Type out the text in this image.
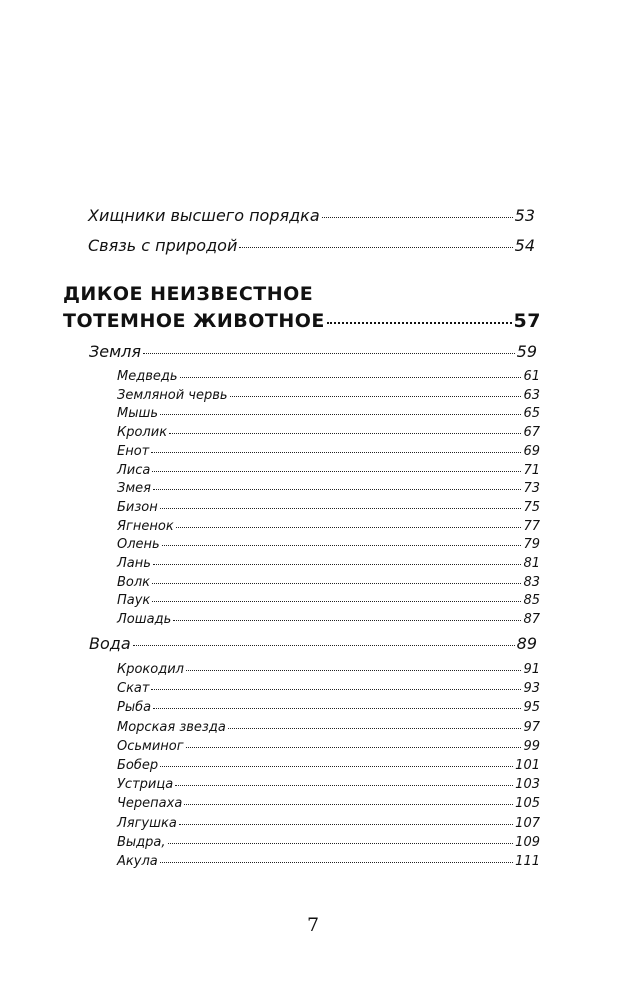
Хищники высшего порядка	53
Связь с природой	54
ДИКОЕ НЕИЗВЕСТНОЕ
ТОТЕМНОЕ ЖИВОТНОЕ	57
Земля	59
Медведь	61
Земляной червь	63
Мышь	65
Кролик	67
Енот	69
Лиса	71
Змея	73
Бизон	75
Ягненок	77
Олень	79
Лань	81
Волк	83
Паук	85
Лошадь	87
Вода	89
Крокодил	91
Скат	93
Рыба	95
Морская звезда	97
Осьминог	99
Бобер	101
Устрица	103
Черепаха	105
Лягушка	107
Выдра,	109
Акула	111
7
